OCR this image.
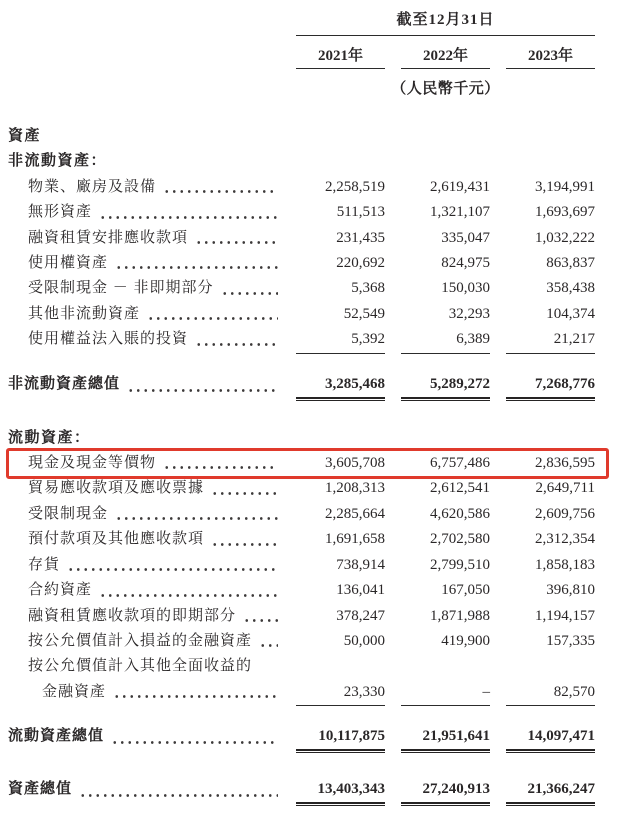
截至12月31日
2021年	2022年	2023年
（人民幣千元）
資產
非流動資產：
物業、廠房及設備	2,258,519	2,619,431	3,194,991
無形資產	511,513	1,321,107	1,693,697
融資租賃安排應收款項	231,435	335,047	1,032,222
使用權資產	220,692	824,975	863,837
受限制現金 － 非即期部分	5,368	150,030	358,438
其他非流動資產	52,549	32,293	104,374
使用權益法入賬的投資	5,392	6,389	21,217
非流動資產總值	3,285,468	5,289,272	7,268,776
流動資產：
現金及現金等價物	3,605,708	6,757,486	2,836,595
貿易應收款項及應收票據	1,208,313	2,612,541	2,649,711
受限制現金	2,285,664	4,620,586	2,609,756
預付款項及其他應收款項	1,691,658	2,702,580	2,312,354
存貨	738,914	2,799,510	1,858,183
合約資產	136,041	167,050	396,810
融資租賃應收款項的即期部分	378,247	1,871,988	1,194,157
按公允價值計入損益的金融資產	50,000	419,900	157,335
按公允價值計入其他全面收益的
金融資產	23,330	–	82,570
流動資產總值	10,117,875	21,951,641	14,097,471
資產總值	13,403,343	27,240,913	21,366,247
